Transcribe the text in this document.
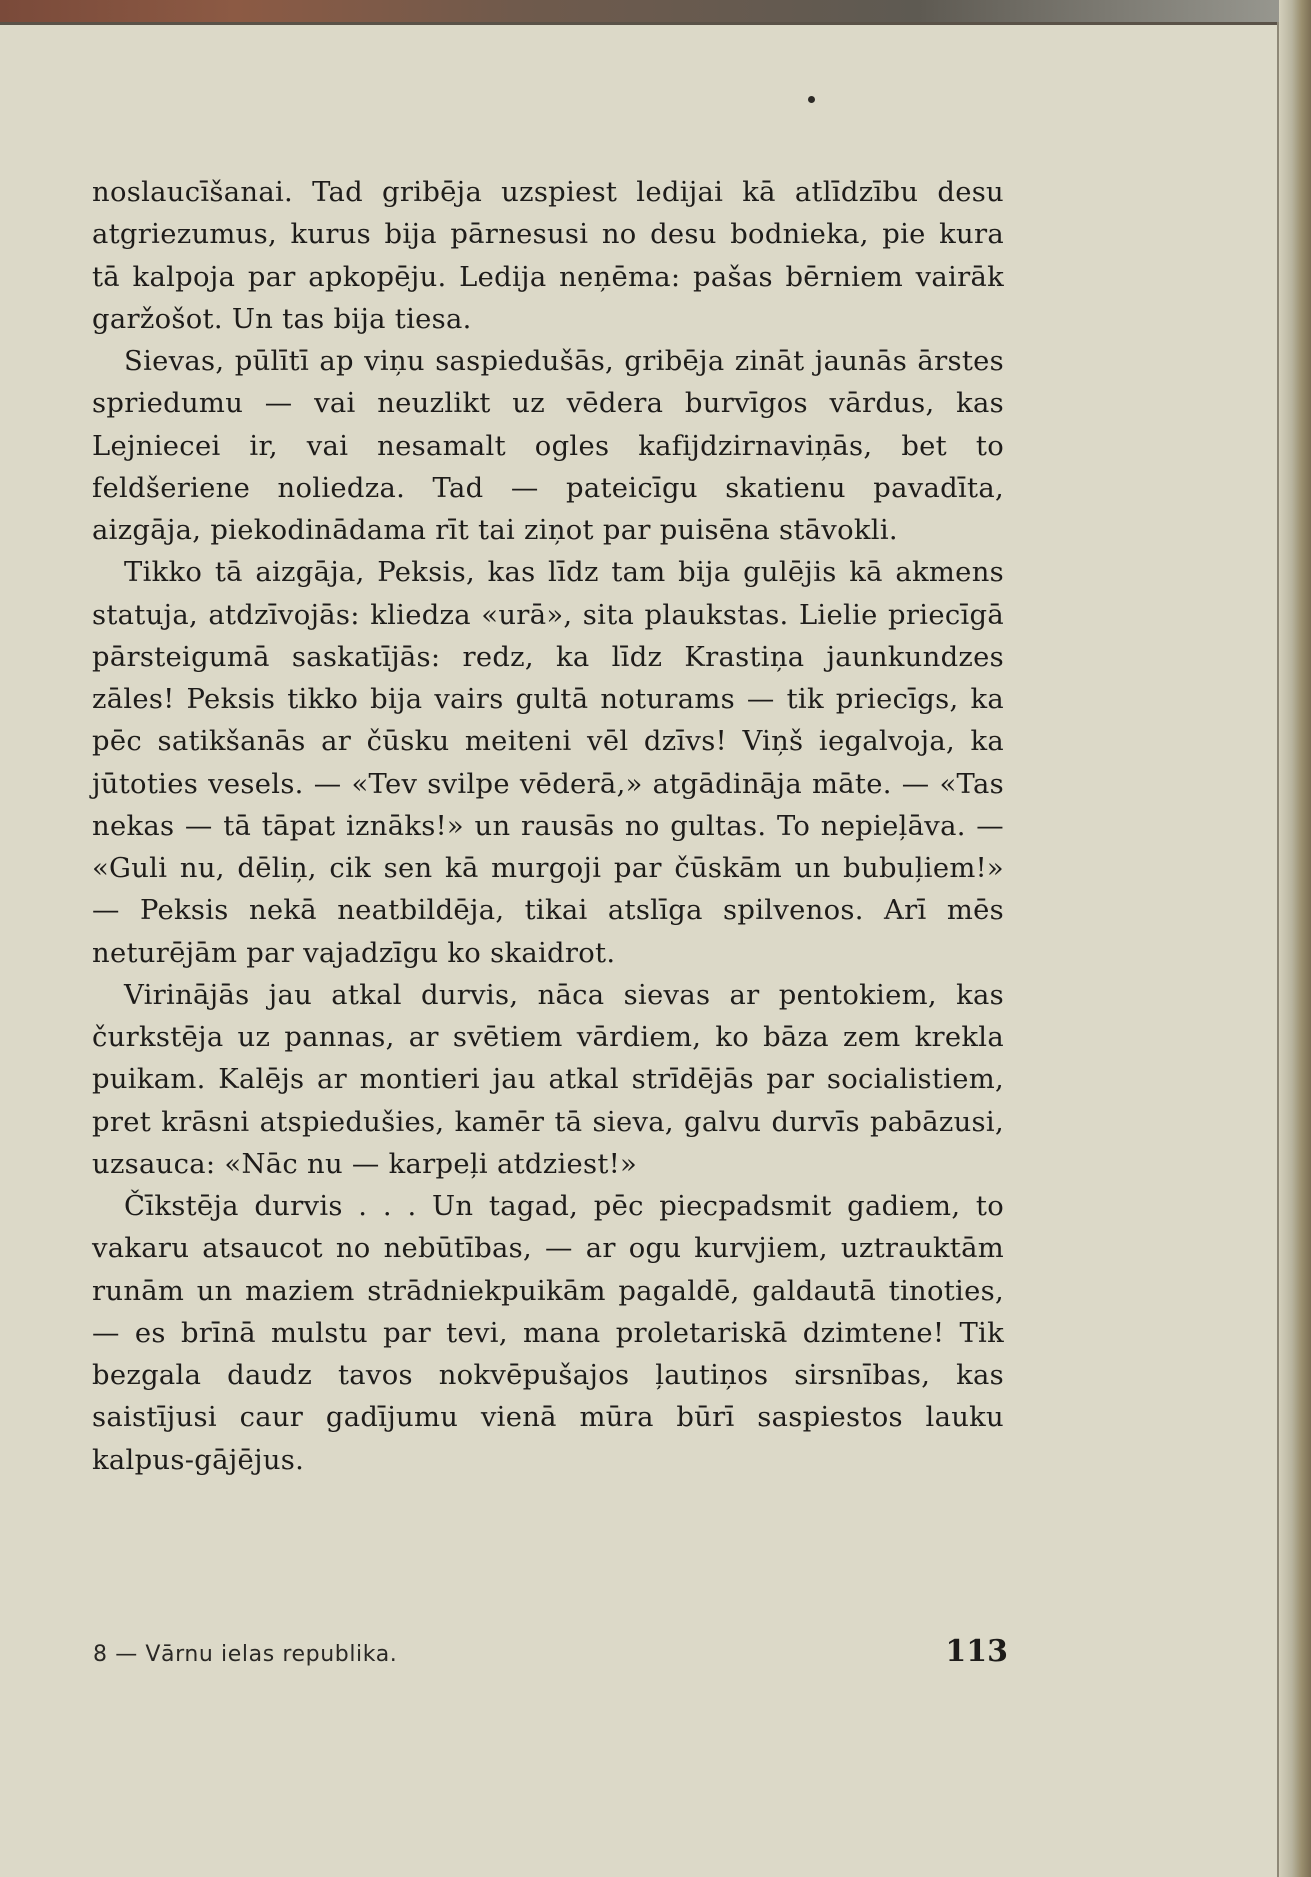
noslaucīšanai. Tad gribēja uzspiest ledijai kā atlīdzību desu atgriezumus, kurus bija pārnesusi no desu bodnieka, pie kura tā kalpoja par apkopēju. Ledija neņēma: pašas bērniem vairāk garžošot. Un tas bija tiesa.

Sievas, pūlītī ap viņu saspiedušās, gribēja zināt jaunās ārstes spriedumu — vai neuzlikt uz vēdera burvīgos vārdus, kas Lejniecei ir, vai nesamalt ogles kafijdzirnaviņās, bet to feldšeriene noliedza. Tad — pateicīgu skatienu pavadīta, aizgāja, piekodinādama rīt tai ziņot par puisēna stāvokli.

Tikko tā aizgāja, Peksis, kas līdz tam bija gulējis kā akmens statuja, atdzīvojās: kliedza «urā», sita plaukstas. Lielie priecīgā pārsteigumā saskatījās: redz, ka līdz Krastiņa jaunkundzes zāles! Peksis tikko bija vairs gultā noturams — tik priecīgs, ka pēc satikšanās ar čūsku meiteni vēl dzīvs! Viņš iegalvoja, ka jūtoties vesels. — «Tev svilpe vēderā,» atgādināja māte. — «Tas nekas — tā tāpat iznāks!» un rausās no gultas. To nepieļāva. — «Guli nu, dēliņ, cik sen kā murgoji par čūskām un bubuļiem!» — Peksis nekā neatbildēja, tikai atslīga spilvenos. Arī mēs neturējām par vajadzīgu ko skaidrot.

Virinājās jau atkal durvis, nāca sievas ar pentokiem, kas čurkstēja uz pannas, ar svētiem vārdiem, ko bāza zem krekla puikam. Kalējs ar montieri jau atkal strīdējās par socialistiem, pret krāsni atspiedušies, kamēr tā sieva, galvu durvīs pabāzusi, uzsauca: «Nāc nu — karpeļi atdziest!»

Čīkstēja durvis . . . Un tagad, pēc piecpadsmit gadiem, to vakaru atsaucot no nebūtības, — ar ogu kurvjiem, uztrauktām runām un maziem strādniekpuikām pagaldē, galdautā tinoties, — es brīnā mulstu par tevi, mana proletariskā dzimtene! Tik bezgala daudz tavos nokvēpušajos ļautiņos sirsnības, kas saistījusi caur gadījumu vienā mūra būrī saspiestos lauku kalpus-gājējus.

8 — Vārnu ielas republika.	113
